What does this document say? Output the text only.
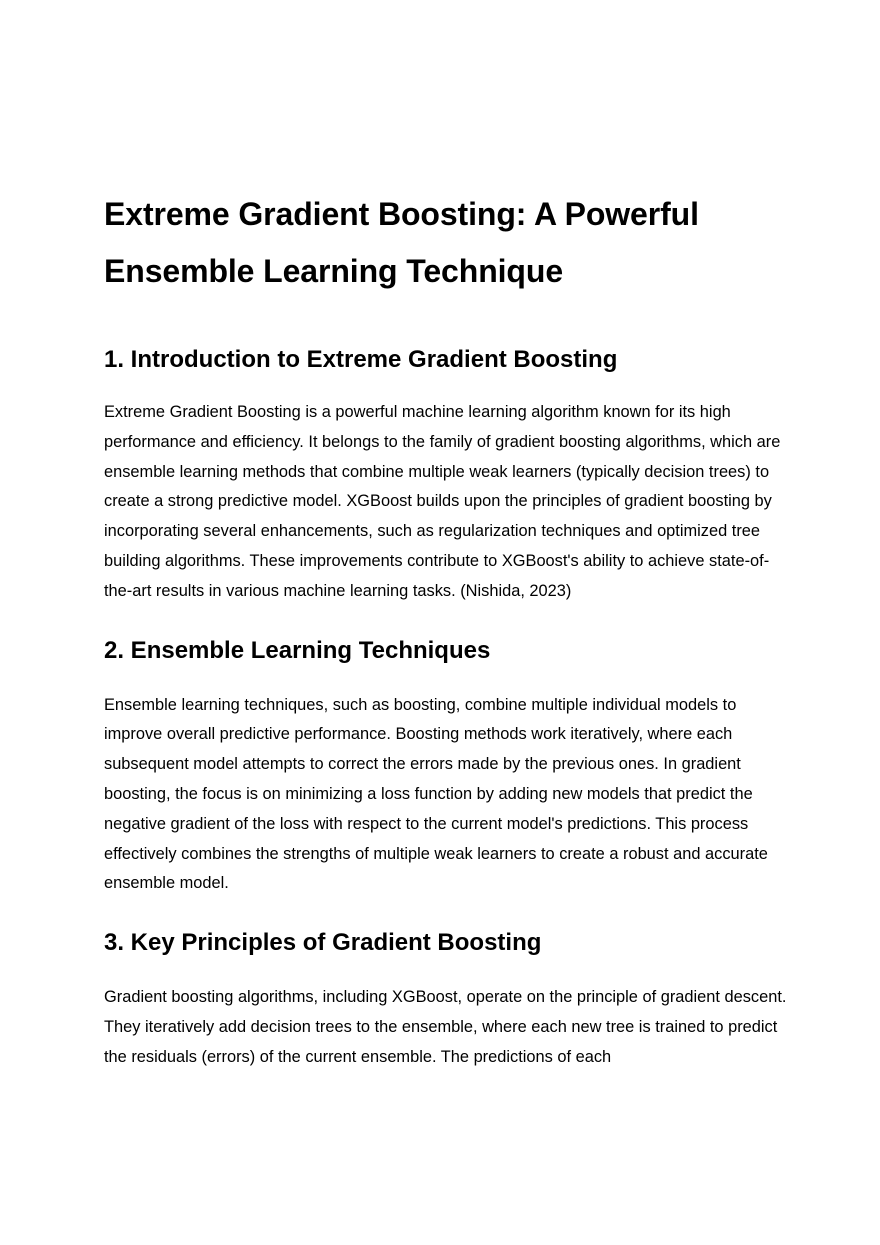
Extreme Gradient Boosting: A Powerful Ensemble Learning Technique
1. Introduction to Extreme Gradient Boosting

Extreme Gradient Boosting is a powerful machine learning algorithm known for its high performance and efficiency. It belongs to the family of gradient boosting algorithms, which are ensemble learning methods that combine multiple weak learners (typically decision trees) to create a strong predictive model. XGBoost builds upon the principles of gradient boosting by incorporating several enhancements, such as regularization techniques and optimized tree building algorithms. These improvements contribute to XGBoost's ability to achieve state-of-the-art results in various machine learning tasks. (Nishida, 2023)

2. Ensemble Learning Techniques

Ensemble learning techniques, such as boosting, combine multiple individual models to improve overall predictive performance. Boosting methods work iteratively, where each subsequent model attempts to correct the errors made by the previous ones. In gradient boosting, the focus is on minimizing a loss function by adding new models that predict the negative gradient of the loss with respect to the current model's predictions. This process effectively combines the strengths of multiple weak learners to create a robust and accurate ensemble model.

3. Key Principles of Gradient Boosting

Gradient boosting algorithms, including XGBoost, operate on the principle of gradient descent. They iteratively add decision trees to the ensemble, where each new tree is trained to predict the residuals (errors) of the current ensemble. The predictions of each
